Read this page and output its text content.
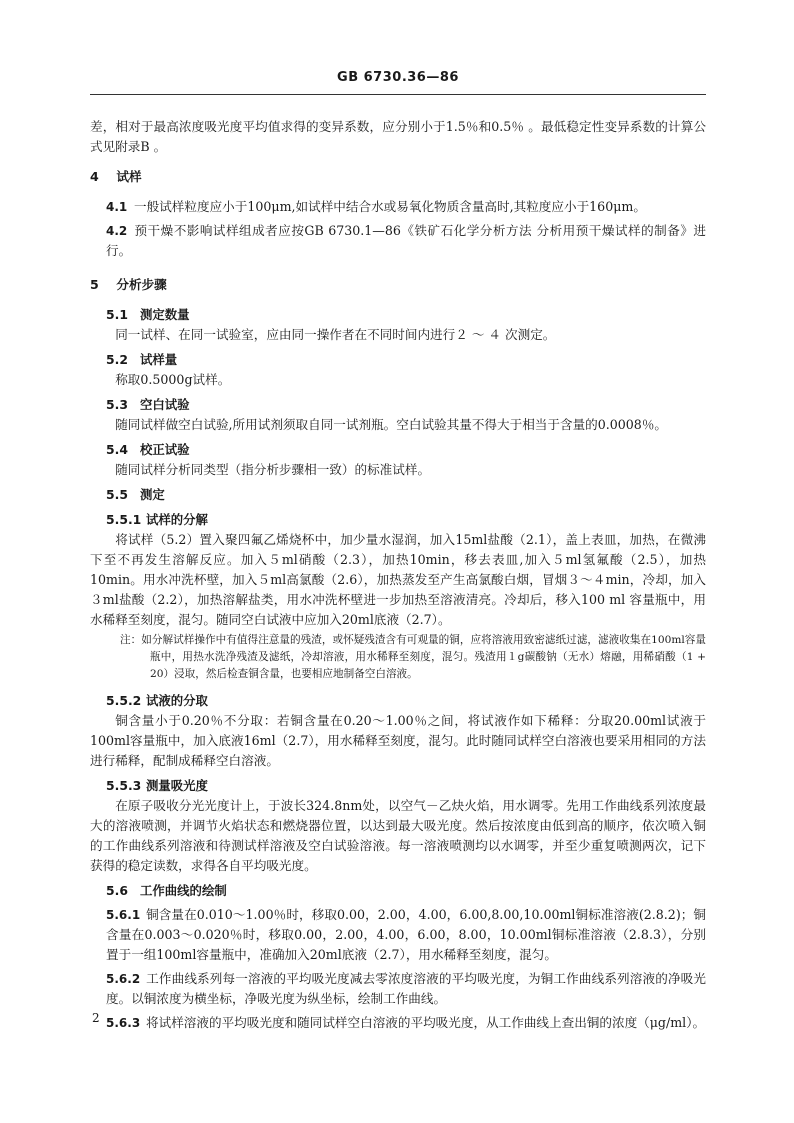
GB 6730.36—86

差，相对于最高浓度吸光度平均值求得的变异系数，应分别小于1.5％和0.5％ 。最低稳定性变异系数的计算公式见附录B 。

4 试样

4.1 一般试样粒度应小于100μm,如试样中结合水或易氧化物质含量高时,其粒度应小于160μm。

4.2 预干燥不影响试样组成者应按GB 6730.1—86《铁矿石化学分析方法 分析用预干燥试样的制备》进行。

5 分析步骤
5.1 测定数量

同一试样、在同一试验室，应由同一操作者在不同时间内进行２ ～ ４ 次测定。

5.2 试样量

称取0.5000g试样。

5.3 空白试验

随同试样做空白试验,所用试剂须取自同一试剂瓶。空白试验其量不得大于相当于含量的0.0008％。

5.4 校正试验

随同试样分析同类型（指分析步骤相一致）的标准试样。

5.5 测定
5.5.1 试样的分解

将试样（5.2）置入聚四氟乙烯烧杯中，加少量水湿润，加入15ml盐酸（2.1），盖上表皿，加热，在微沸下至不再发生溶解反应。加入５ml硝酸（2.3），加热10min，移去表皿,加入５ml氢氟酸（2.5），加热10min。用水冲洗杯壁，加入５ml高氯酸（2.6），加热蒸发至产生高氯酸白烟，冒烟３～４min，冷却，加入３ml盐酸（2.2），加热溶解盐类，用水冲洗杯壁进一步加热至溶液清亮。冷却后，移入100 ml 容量瓶中，用水稀释至刻度，混匀。随同空白试液中应加入20ml底液（2.7）。

注：如分解试样操作中有值得注意量的残渣，或怀疑残渣含有可观量的铜，应将溶液用致密滤纸过滤，滤液收集在100ml容量瓶中，用热水洗净残渣及滤纸，冷却溶液，用水稀释至刻度，混匀。残渣用１g碳酸钠（无水）熔融，用稀硝酸（1 + 20）浸取，然后检查铜含量，也要相应地制备空白溶液。

5.5.2 试液的分取

铜含量小于0.20％不分取：若铜含量在0.20～1.00％之间，将试液作如下稀释：分取20.00ml试液于100ml容量瓶中，加入底液16ml（2.7），用水稀释至刻度，混匀。此时随同试样空白溶液也要采用相同的方法进行稀释，配制成稀释空白溶液。

5.5.3 测量吸光度

在原子吸收分光光度计上，于波长324.8nm处，以空气－乙炔火焰，用水调零。先用工作曲线系列浓度最大的溶液喷测，并调节火焰状态和燃烧器位置，以达到最大吸光度。然后按浓度由低到高的顺序，依次喷入铜的工作曲线系列溶液和待测试样溶液及空白试验溶液。每一溶液喷测均以水调零，并至少重复喷测两次，记下获得的稳定读数，求得各自平均吸光度。

5.6 工作曲线的绘制

5.6.1 铜含量在0.010～1.00％时，移取0.00，2.00，4.00，6.00,8.00,10.00ml铜标准溶液(2.8.2)；铜含量在0.003～0.020％时，移取0.00，2.00，4.00，6.00，8.00，10.00ml铜标准溶液（2.8.3），分别置于一组100ml容量瓶中，准确加入20ml底液（2.7），用水稀释至刻度，混匀。

5.6.2 工作曲线系列每一溶液的平均吸光度减去零浓度溶液的平均吸光度，为铜工作曲线系列溶液的净吸光度。以铜浓度为横坐标，净吸光度为纵坐标，绘制工作曲线。

5.6.3 将试样溶液的平均吸光度和随同试样空白溶液的平均吸光度，从工作曲线上查出铜的浓度（μg/ml）。

2
